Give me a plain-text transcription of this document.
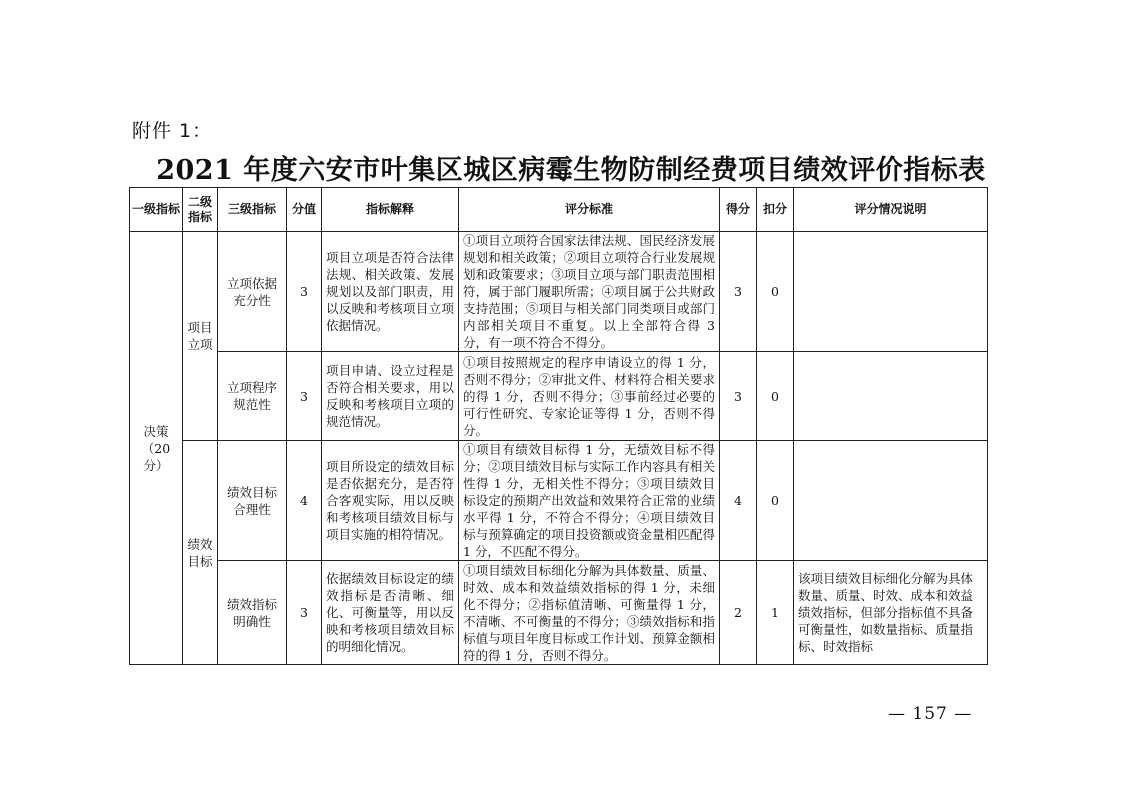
附件 1：
2021 年度六安市叶集区城区病霉生物防制经费项目绩效评价指标表
一级指标	二级指标	三级指标	分值	指标解释	评分标准	得分	扣分	评分情况说明
决策（20 分）	项目立项	立项依据充分性	3	项目立项是否符合法律法规、相关政策、发展规划以及部门职责，用以反映和考核项目立项依据情况。	①项目立项符合国家法律法规、国民经济发展规划和相关政策；②项目立项符合行业发展规划和政策要求；③项目立项与部门职责范围相符，属于部门履职所需；④项目属于公共财政支持范围；⑤项目与相关部门同类项目或部门内部相关项目不重复。以上全部符合得 3 分，有一项不符合不得分。	3	0	
		立项程序规范性	3	项目申请、设立过程是否符合相关要求，用以反映和考核项目立项的规范情况。	①项目按照规定的程序申请设立的得 1 分，否则不得分；②审批文件、材料符合相关要求的得 1 分，否则不得分；③事前经过必要的可行性研究、专家论证等得 1 分，否则不得分。	3	0	
	绩效目标	绩效目标合理性	4	项目所设定的绩效目标是否依据充分，是否符合客观实际，用以反映和考核项目绩效目标与项目实施的相符情况。	①项目有绩效目标得 1 分，无绩效目标不得分；②项目绩效目标与实际工作内容具有相关性得 1 分，无相关性不得分；③项目绩效目标设定的预期产出效益和效果符合正常的业绩水平得 1 分，不符合不得分；④项目绩效目标与预算确定的项目投资额或资金量相匹配得 1 分，不匹配不得分。	4	0	
		绩效指标明确性	3	依据绩效目标设定的绩效指标是否清晰、细化、可衡量等，用以反映和考核项目绩效目标的明细化情况。	①项目绩效目标细化分解为具体数量、质量、时效、成本和效益绩效指标的得 1 分，未细化不得分；②指标值清晰、可衡量得 1 分，不清晰、不可衡量的不得分；③绩效指标和指标值与项目年度目标或工作计划、预算金额相符的得 1 分，否则不得分。	2	1	该项目绩效目标细化分解为具体数量、质量、时效、成本和效益绩效指标，但部分指标值不具备可衡量性，如数量指标、质量指标、时效指标
— 157 —
